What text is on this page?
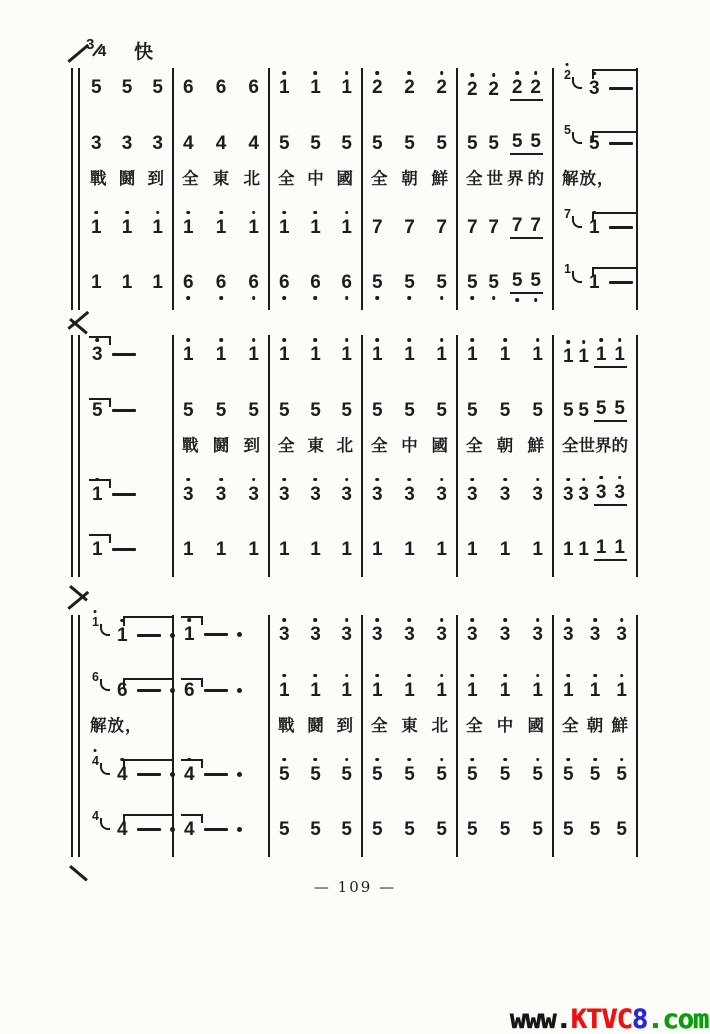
3 4 快
5 5 5
3 3 3
戰 鬪 到
1 1 1
1 1 1
6 6 6
4 4 4
全 東 北
1 1 1
6 6 6
1 1 1
5 5 5
全 中 國
1 1 1
6 6 6
2 2 2
5 5 5
全 朝 鮮
7 7 7
5 5 5
2 2 2 2
5 5 5 5
全 世 界 的
7 7 7 7
5 5 5 5
2
3
5
5
解 放 ，
7
1
1
1
3
5
1
1
1 1 1
5 5 5
戰 鬪 到
3 3 3
1 1 1
1 1 1
5 5 5
全 東 北
3 3 3
1 1 1
1 1 1
5 5 5
全 中 國
3 3 3
1 1 1
1 1 1
5 5 5
全 朝 鮮
3 3 3
1 1 1
1 1 1 1
5 5 5 5
全 世 界 的
3 3 3 3
1 1 1 1
1
1
6
6
解 放 ，
4
4
4
4
1
6
4
4
3 3 3
1 1 1
戰 鬪 到
5 5 5
5 5 5
3 3 3
1 1 1
全 東 北
5 5 5
5 5 5
3 3 3
1 1 1
全 中 國
5 5 5
5 5 5
3 3 3
1 1 1
全 朝 鮮
5 5 5
5 5 5
— 109 —
www.KTVC8.com
